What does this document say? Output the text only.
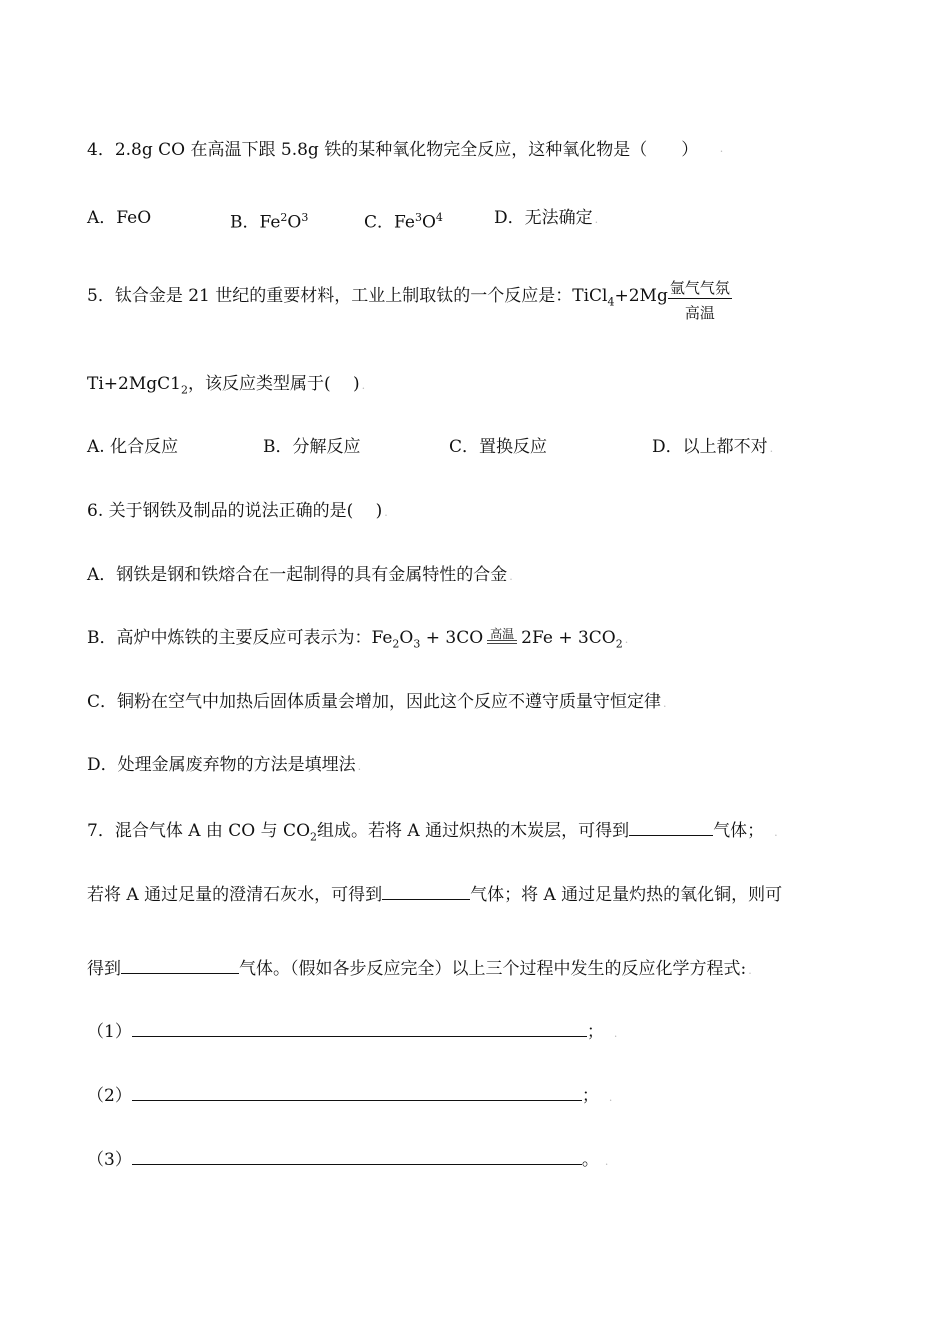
4．2.8g CO 在高温下跟 5.8g 铁的某种氧化物完全反应，这种氧化物是（　　）	·
A．FeO	B．$Fe^2O^3$	C．$Fe^3O^4$	D．无法确定 .
5．钛合金是 21 世纪的重要材料，工业上制取钛的一个反应是：TiCl$_4$+2Mg $\frac{\text{氩气气氛}}{\text{高温}}$
$Ti+2MgC1_2$，该反应类型属于(　 ) .
A. 化合反应	B．分解反应	C．置换反应	D．以上都不对 .
6. 关于钢铁及制品的说法正确的是(　 ) .
A．钢铁是钢和铁熔合在一起制得的具有金属特性的合金 .
B．高炉中炼铁的主要反应可表示为：$Fe_2O_3 + 3CO$ 高温 $2Fe + 3CO_2$ .
C．铜粉在空气中加热后固体质量会增加，因此这个反应不遵守质量守恒定律 .
D．处理金属废弃物的方法是填埋法 .
7．混合气体 A 由 CO 与 $CO_2$组成。若将 A 通过炽热的木炭层，可得到	气体； .
若将 A 通过足量的澄清石灰水，可得到	气体；将 A 通过足量灼热的氧化铜，则可
得到	气体。（假如各步反应完全）以上三个过程中发生的反应化学方程式: .
（1）	； .
（2）	； .
（3）	。 .
